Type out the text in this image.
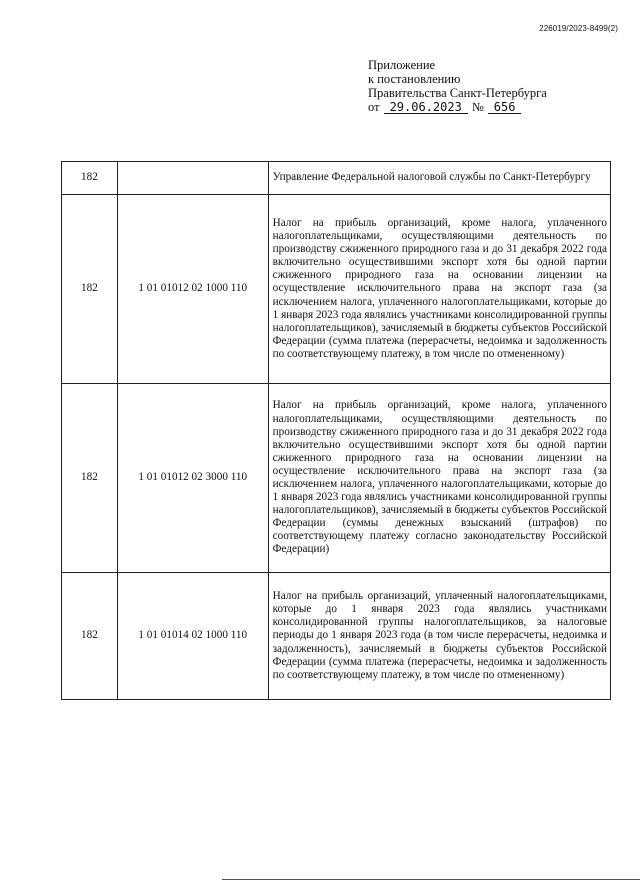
226019/2023-8499(2)
Приложение
к постановлению
Правительства Санкт-Петербурга
от 29.06.2023 № 656
182		Управление Федеральной налоговой службы по Санкт-Петербургу

182	1 01 01012 02 1000 110	Налог на прибыль организаций, кроме налога, уплаченного налогоплательщиками, осуществляющими деятельность по производству сжиженного природного газа и до 31 декабря 2022 года включительно осуществившими экспорт хотя бы одной партии сжиженного природного газа на основании лицензии на осуществление исключительного права на экспорт газа (за исключением налога, уплаченного налогоплательщиками, которые до 1 января 2023 года являлись участниками консолидированной группы налогоплательщиков), зачисляемый в бюджеты субъектов Российской Федерации (сумма платежа (перерасчеты, недоимка и задолженность по соответствующему платежу, в том числе по отмененному)

182	1 01 01012 02 3000 110	Налог на прибыль организаций, кроме налога, уплаченного налогоплательщиками, осуществляющими деятельность по производству сжиженного природного газа и до 31 декабря 2022 года включительно осуществившими экспорт хотя бы одной партии сжиженного природного газа на основании лицензии на осуществление исключительного права на экспорт газа (за исключением налога, уплаченного налогоплательщиками, которые до 1 января 2023 года являлись участниками консолидированной группы налогоплательщиков), зачисляемый в бюджеты субъектов Российской Федерации (суммы денежных взысканий (штрафов) по соответствующему платежу согласно законодательству Российской Федерации)

182	1 01 01014 02 1000 110	Налог на прибыль организаций, уплаченный налогоплательщиками, которые до 1 января 2023 года являлись участниками консолидированной группы налогоплательщиков, за налоговые периоды до 1 января 2023 года (в том числе перерасчеты, недоимка и задолженность), зачисляемый в бюджеты субъектов Российской Федерации (сумма платежа (перерасчеты, недоимка и задолженность по соответствующему платежу, в том числе по отмененному)
